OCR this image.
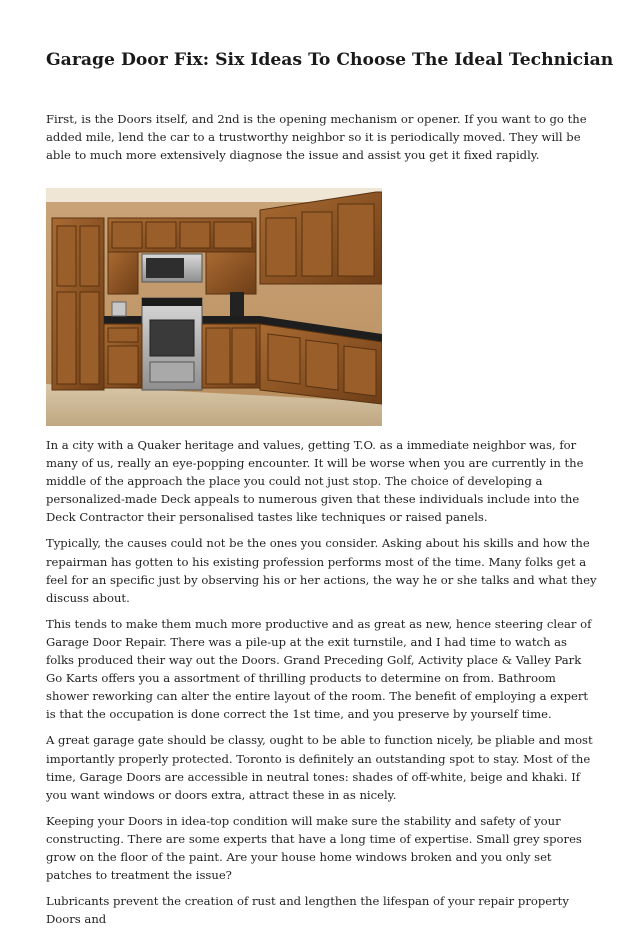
Garage Door Fix: Six Ideas To Choose The Ideal Technician

First, is the Doors itself, and 2nd is the opening mechanism or opener. If you want to go the added mile, lend the car to a trustworthy neighbor so it is periodically moved. They will be able to much more extensively diagnose the issue and assist you get it fixed rapidly.

In a city with a Quaker heritage and values, getting T.O. as a immediate neighbor was, for many of us, really an eye-popping encounter. It will be worse when you are currently in the middle of the approach the place you could not just stop. The choice of developing a personalized-made Deck appeals to numerous given that these individuals include into the Deck Contractor their personalised tastes like techniques or raised panels.

Typically, the causes could not be the ones you consider. Asking about his skills and how the repairman has gotten to his existing profession performs most of the time. Many folks get a feel for an specific just by observing his or her actions, the way he or she talks and what they discuss about.

This tends to make them much more productive and as great as new, hence steering clear of Garage Door Repair. There was a pile-up at the exit turnstile, and I had time to watch as folks produced their way out the Doors. Grand Preceding Golf, Activity place & Valley Park Go Karts offers you a assortment of thrilling products to determine on from. Bathroom shower reworking can alter the entire layout of the room. The benefit of employing a expert is that the occupation is done correct the 1st time, and you preserve by yourself time.

A great garage gate should be classy, ought to be able to function nicely, be pliable and most importantly properly protected. Toronto is definitely an outstanding spot to stay. Most of the time, Garage Doors are accessible in neutral tones: shades of off-white, beige and khaki. If you want windows or doors extra, attract these in as nicely.

Keeping your Doors in idea-top condition will make sure the stability and safety of your constructing. There are some experts that have a long time of expertise. Small grey spores grow on the floor of the paint. Are your house home windows broken and you only set patches to treatment the issue?

Lubricants prevent the creation of rust and lengthen the lifespan of your repair property Doors and
